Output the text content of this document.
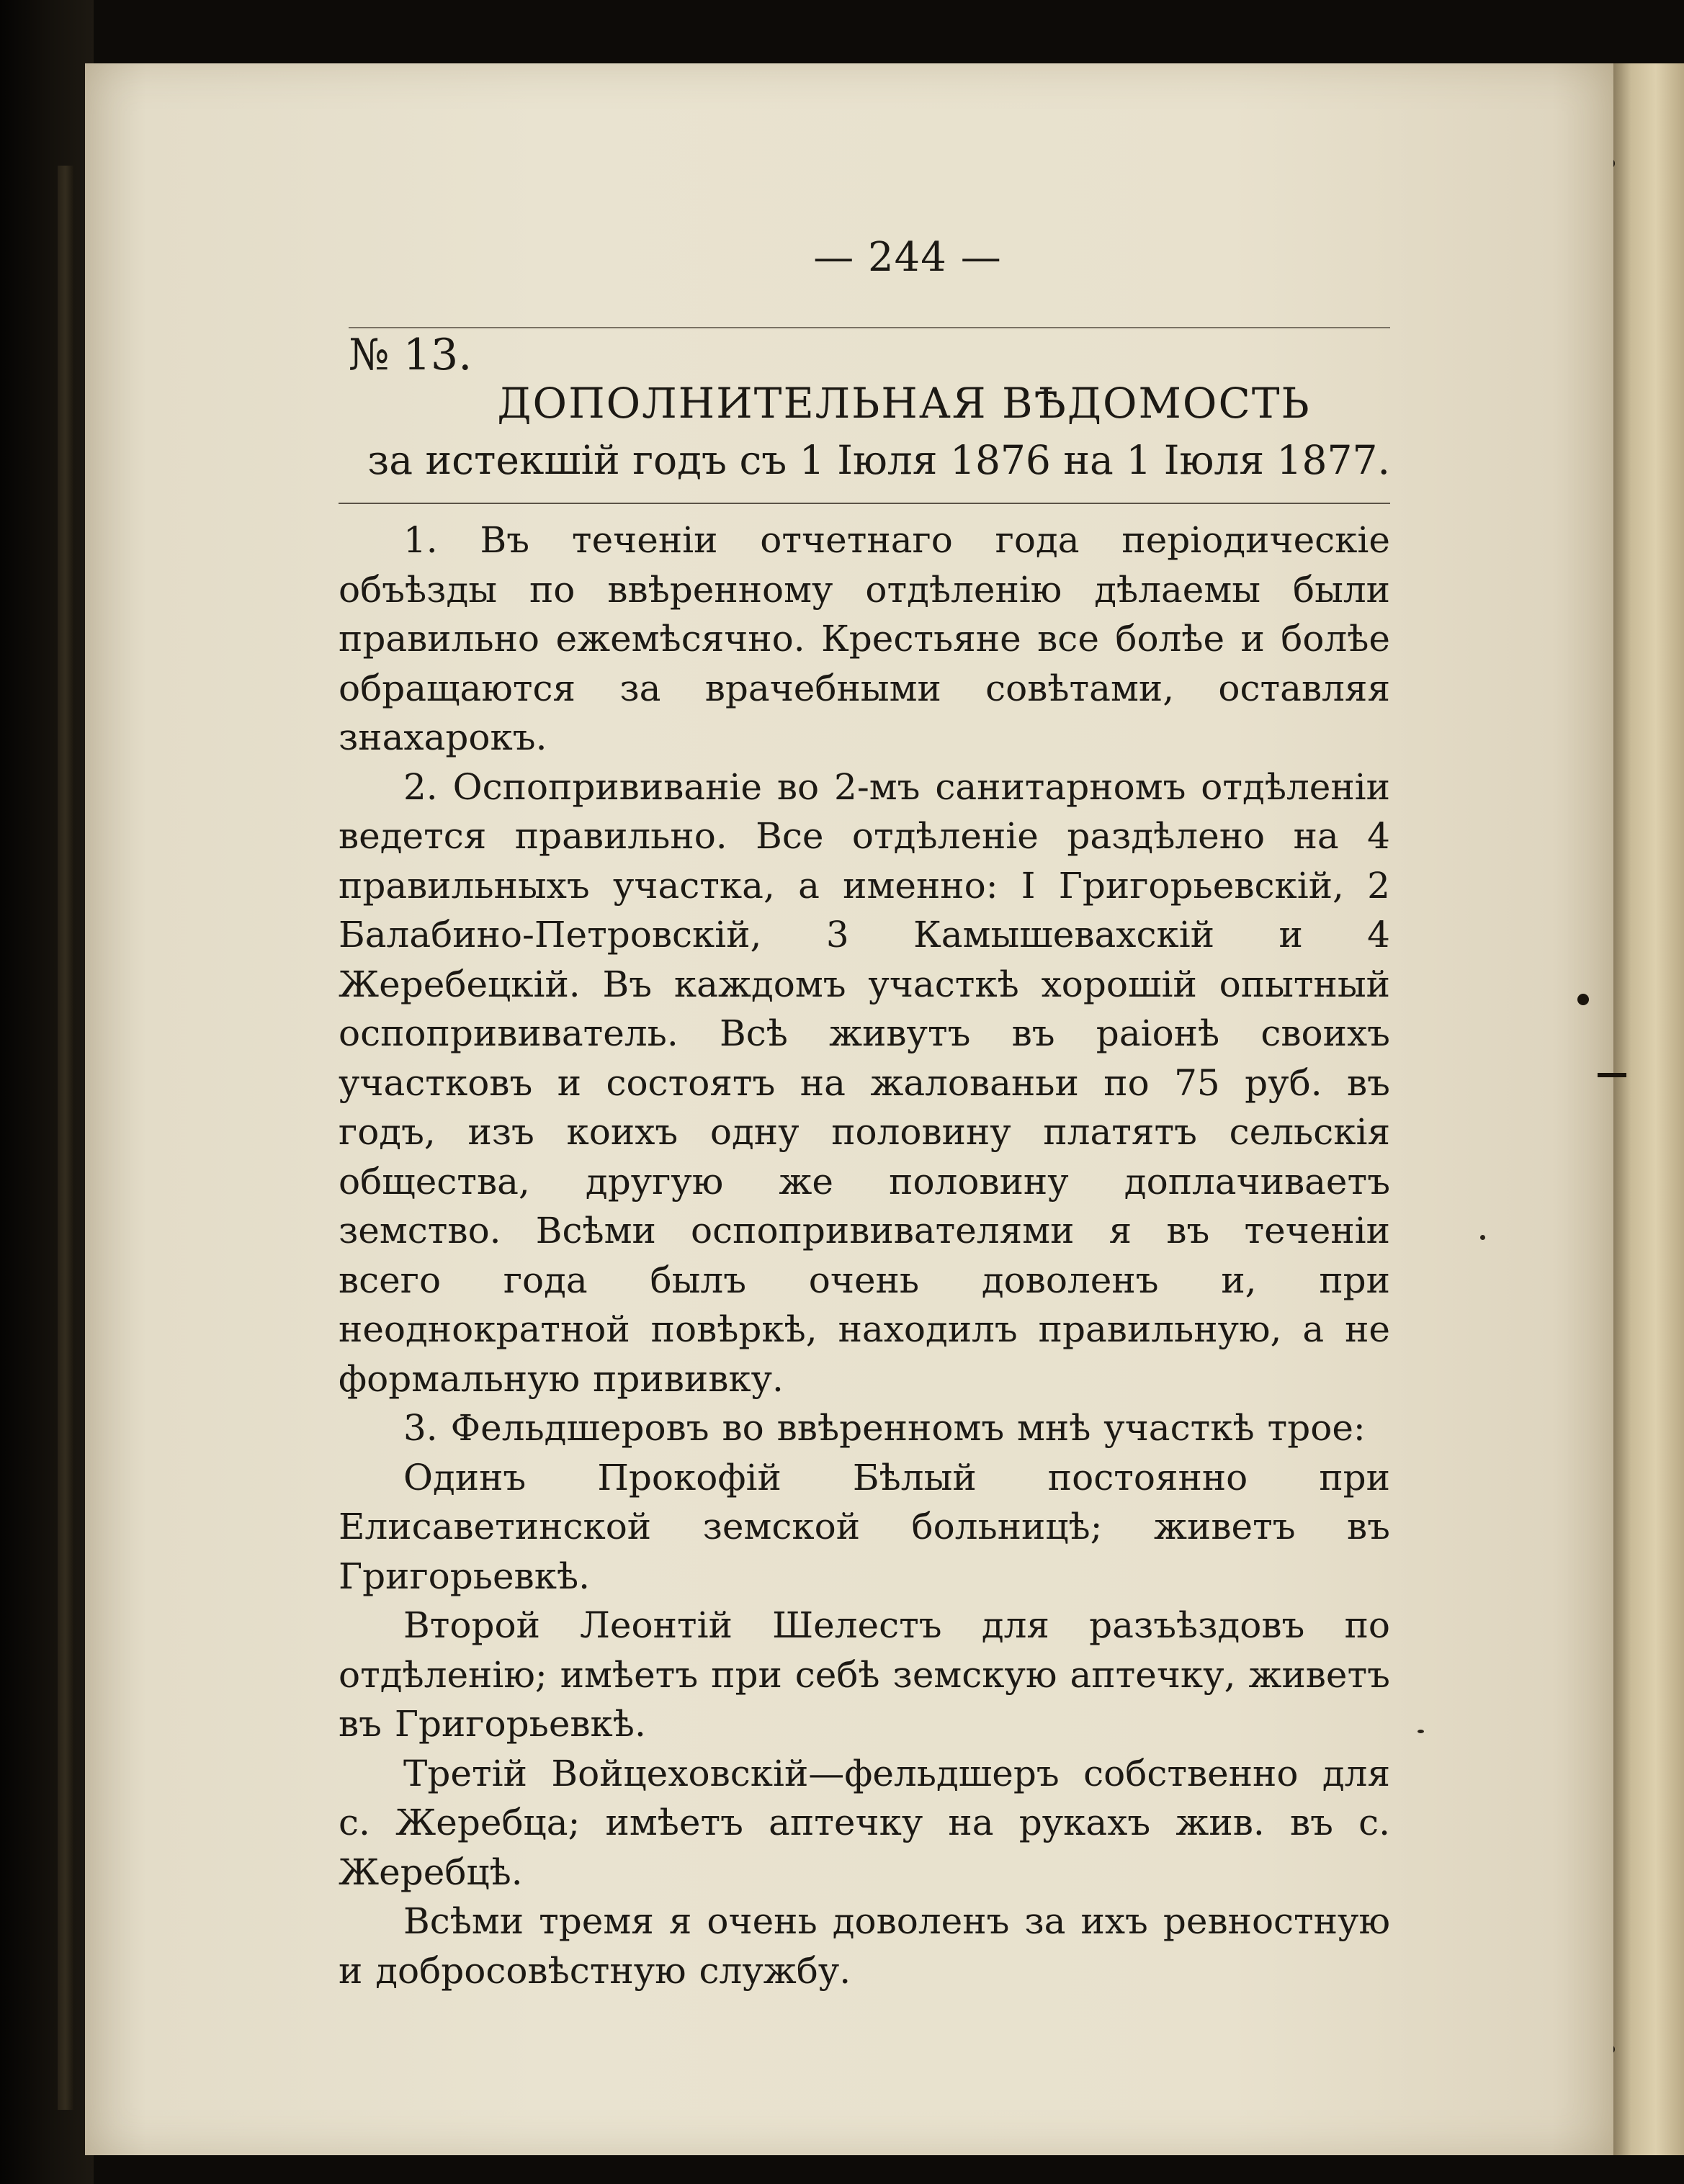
— 244 —
№ 13.
ДОПОЛНИТЕЛЬНАЯ ВѢДОМОСТЬ
за истекшій годъ съ 1 Іюля 1876 на 1 Іюля 1877.

1. Въ теченіи отчетнаго года періодическіе объѣзды по ввѣренному отдѣленію дѣлаемы были правильно ежемѣсячно. Крестьяне все болѣе и болѣе обращаются за врачебными совѣтами, оставляя знахарокъ.

2. Оспопрививаніе во 2-мъ санитарномъ отдѣленіи ведется правильно. Все отдѣленіе раздѣлено на 4 правильныхъ участка, а именно: I Григорьевскій, 2 Балабино-Петровскій, 3 Камышевахскій и 4 Жеребецкій. Въ каждомъ участкѣ хорошій опытный оспопрививатель. Всѣ живутъ въ раіонѣ своихъ участковъ и состоятъ на жалованьи по 75 руб. въ годъ, изъ коихъ одну половину платятъ сельскія общества, другую же половину доплачиваетъ земство. Всѣми оспопрививателями я въ теченіи всего года былъ очень доволенъ и, при неоднократной повѣркѣ, находилъ правильную, а не формальную прививку.

3. Фельдшеровъ во ввѣренномъ мнѣ участкѣ трое:

Одинъ Прокофій Бѣлый постоянно при Елисаветинской земской больницѣ; живетъ въ Григорьевкѣ.

Второй Леонтій Шелестъ для разъѣздовъ по отдѣленію; имѣетъ при себѣ земскую аптечку, живетъ въ Григорьевкѣ.

Третій Войцеховскій—фельдшеръ собственно для с. Жеребца; имѣетъ аптечку на рукахъ жив. въ с. Жеребцѣ.

Всѣми тремя я очень доволенъ за ихъ ревностную и добросовѣстную службу.
